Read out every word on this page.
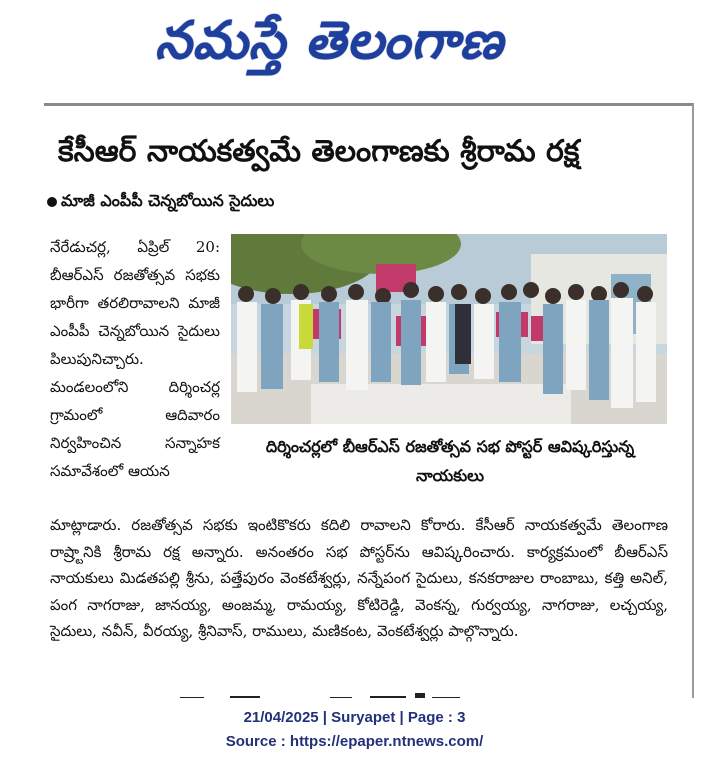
నమస్తే తెలంగాణ
కేసీఆర్ నాయకత్వమే తెలంగాణకు శ్రీరామ రక్ష
మాజీ ఎంపీపీ చెన్నబోయిన సైదులు

నేరేడుచర్ల, ఏప్రిల్ 20: బీఆర్ఎస్ రజతోత్సవ సభకు భారీగా తరలిరావాలని మాజీ ఎంపీపీ చెన్నబోయిన సైదులు పిలుపునిచ్చారు. మండలంలోని దిర్శించర్ల గ్రామంలో ఆదివారం నిర్వహించిన సన్నాహక సమావేశంలో ఆయన

దిర్శించర్లలో బీఆర్ఎస్ రజతోత్సవ సభ పోస్టర్ ఆవిష్కరిస్తున్న నాయకులు

మాట్లాడారు. రజతోత్సవ సభకు ఇంటికొకరు కదిలి రావాలని కోరారు. కేసీఆర్ నాయకత్వమే తెలంగాణ రాష్ర్టానికి శ్రీరామ రక్ష అన్నారు. అనంతరం సభ పోస్టర్‌ను ఆవిష్కరించారు. కార్యక్రమంలో బీఆర్ఎస్ నాయకులు మిడతపల్లి శ్రీను, పత్తేపురం వెంకటేశ్వర్లు, నన్నేపంగ సైదులు, కనకరాజుల రాంబాబు, కత్తి అనిల్, పంగ నాగరాజు, జానయ్య, అంజమ్మ, రామయ్య, కోటిరెడ్డి, వెంకన్న, గుర్వయ్య, నాగరాజు, లచ్చయ్య, సైదులు, నవీన్, వీరయ్య, శ్రీనివాస్, రాములు, మణికంట, వెంకటేశ్వర్లు పాల్గొన్నారు.

21/04/2025 | Suryapet | Page : 3
Source : https://epaper.ntnews.com/
